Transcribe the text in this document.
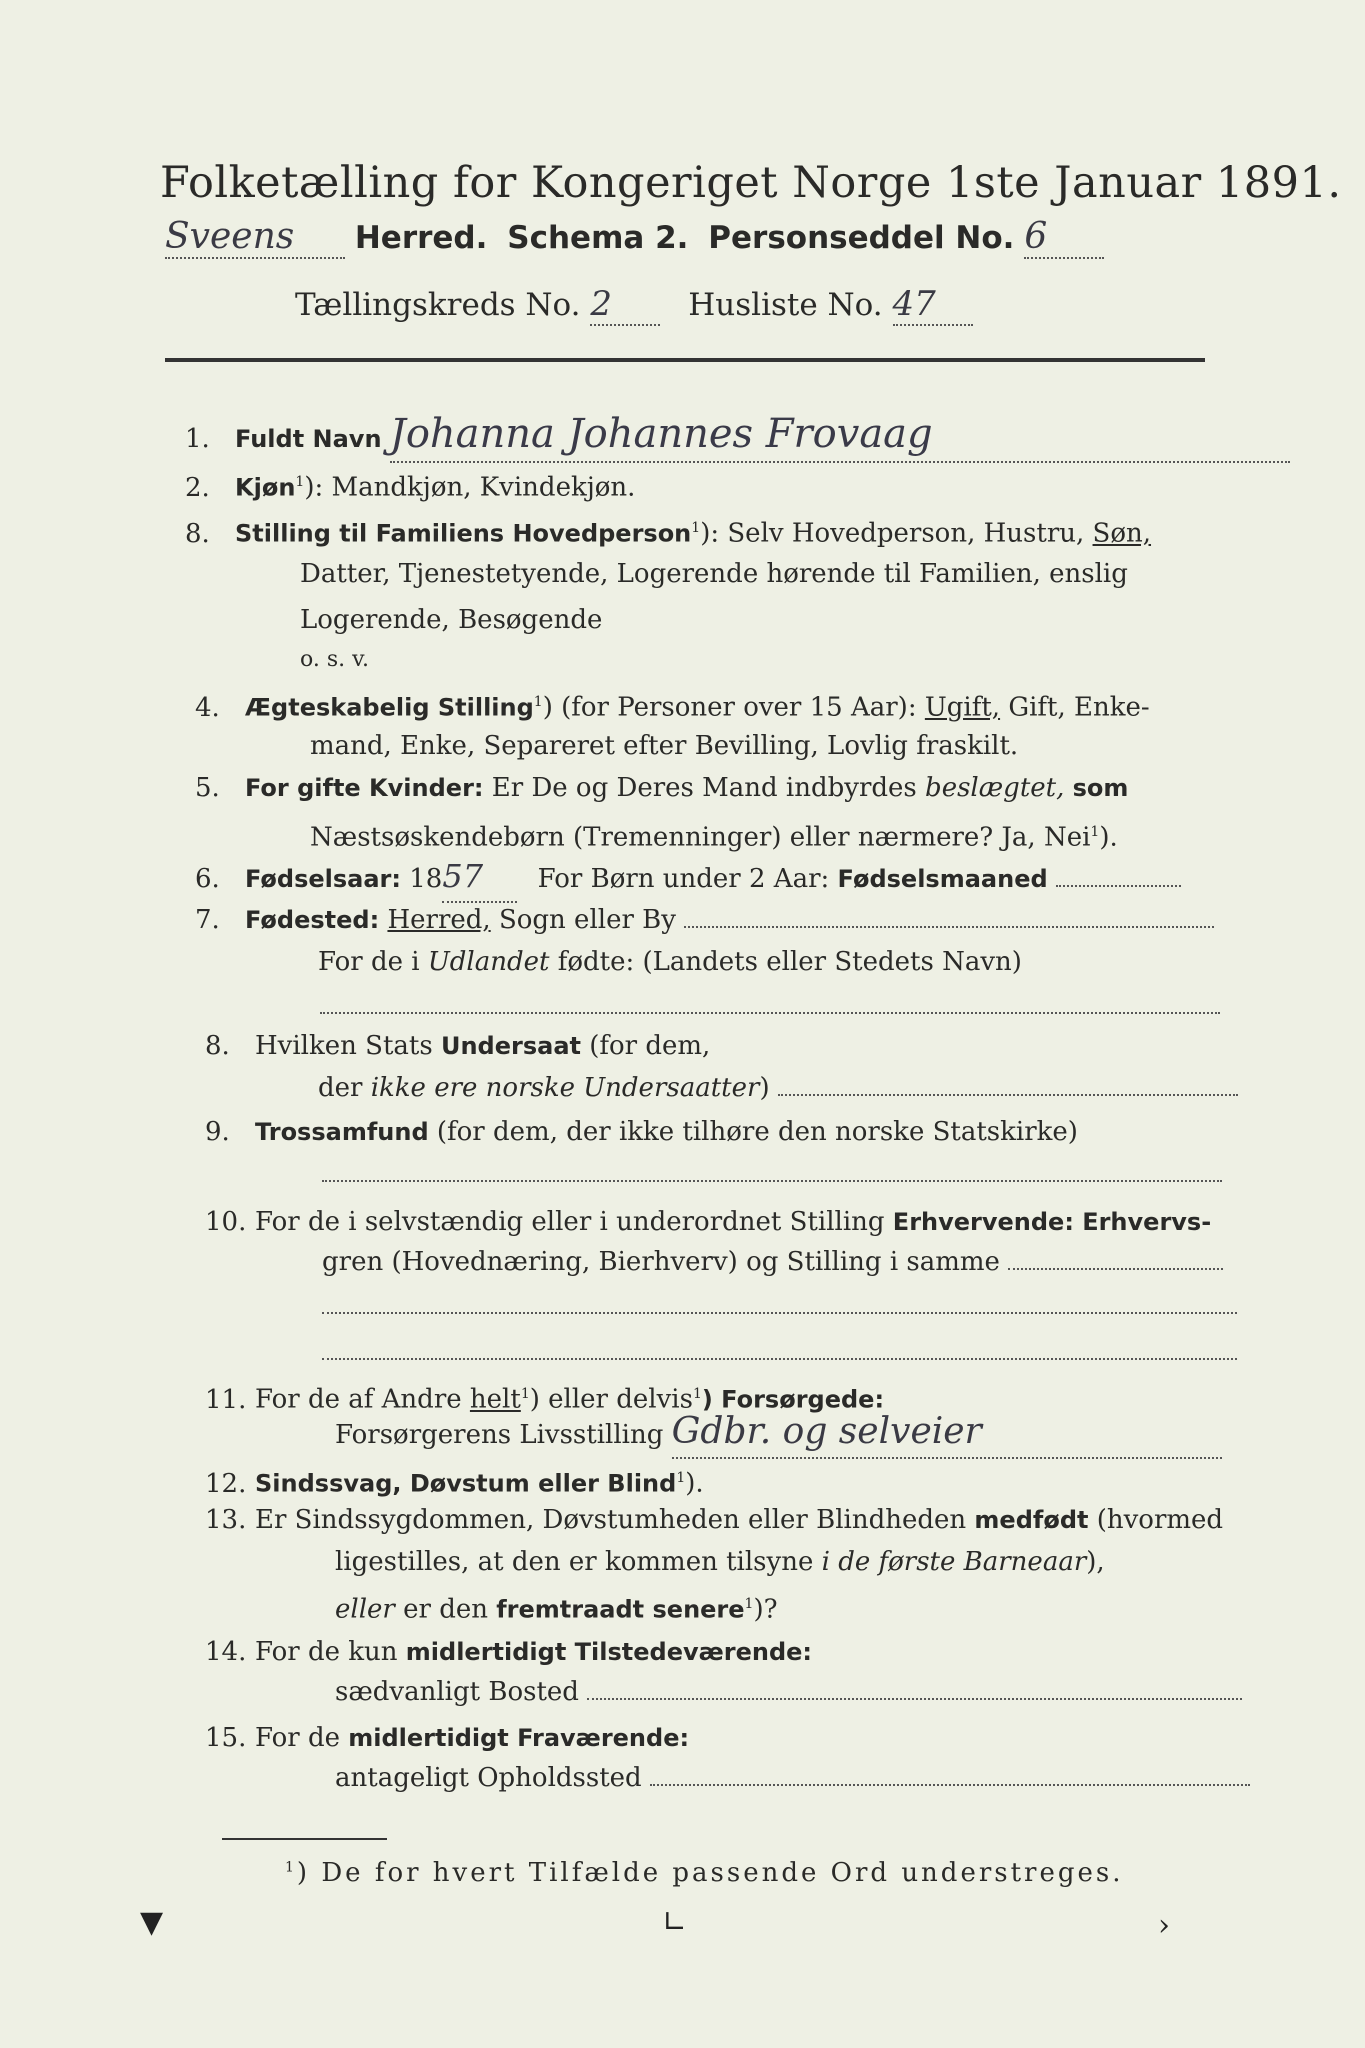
Folketælling for Kongeriget Norge 1ste Januar 1891.
Sveens Herred. Schema 2. Personseddel No. 6
Tællingskreds No. 2 Husliste No. 47
1. Fuldt Navn Johanna Johannes Frovaag
2. Kjøn$^1$): Mandkjøn, Kvindekjøn.
8. Stilling til Familiens Hovedperson$^1$): Selv Hovedperson, Hustru, Søn,
Datter, Tjenestetyende, Logerende hørende til Familien, enslig
Logerende, Besøgende
o. s. v.
4. Ægteskabelig Stilling$^1$) (for Personer over 15 Aar): Ugift, Gift, Enke-
mand, Enke, Separeret efter Bevilling, Lovlig fraskilt.
5. For gifte Kvinder: Er De og Deres Mand indbyrdes beslægtet, som
Næstsøskendebørn (Tremenninger) eller nærmere? Ja, Nei$^1$).
6. Fødselsaar: 1857 For Børn under 2 Aar: Fødselsmaaned
7. Fødested: Herred, Sogn eller By
For de i Udlandet fødte: (Landets eller Stedets Navn)
8. Hvilken Stats Undersaat (for dem,
der ikke ere norske Undersaatter)
9. Trossamfund (for dem, der ikke tilhøre den norske Statskirke)
10. For de i selvstændig eller i underordnet Stilling Erhvervende: Erhvervs-
gren (Hovednæring, Bierhverv) og Stilling i samme
11. For de af Andre helt$^1$) eller delvis$^1$) Forsørgede:
Forsørgerens Livsstilling Gdbr. og selveier
12. Sindssvag, Døvstum eller Blind$^1$).
13. Er Sindssygdommen, Døvstumheden eller Blindheden medfødt (hvormed
ligestilles, at den er kommen tilsyne i de første Barneaar),
eller er den fremtraadt senere$^1$)?
14. For de kun midlertidigt Tilstedeværende:
sædvanligt Bosted
15. For de midlertidigt Fraværende:
antageligt Opholdssted
$^1$) De for hvert Tilfælde passende Ord understreges.
▼	∟	›
